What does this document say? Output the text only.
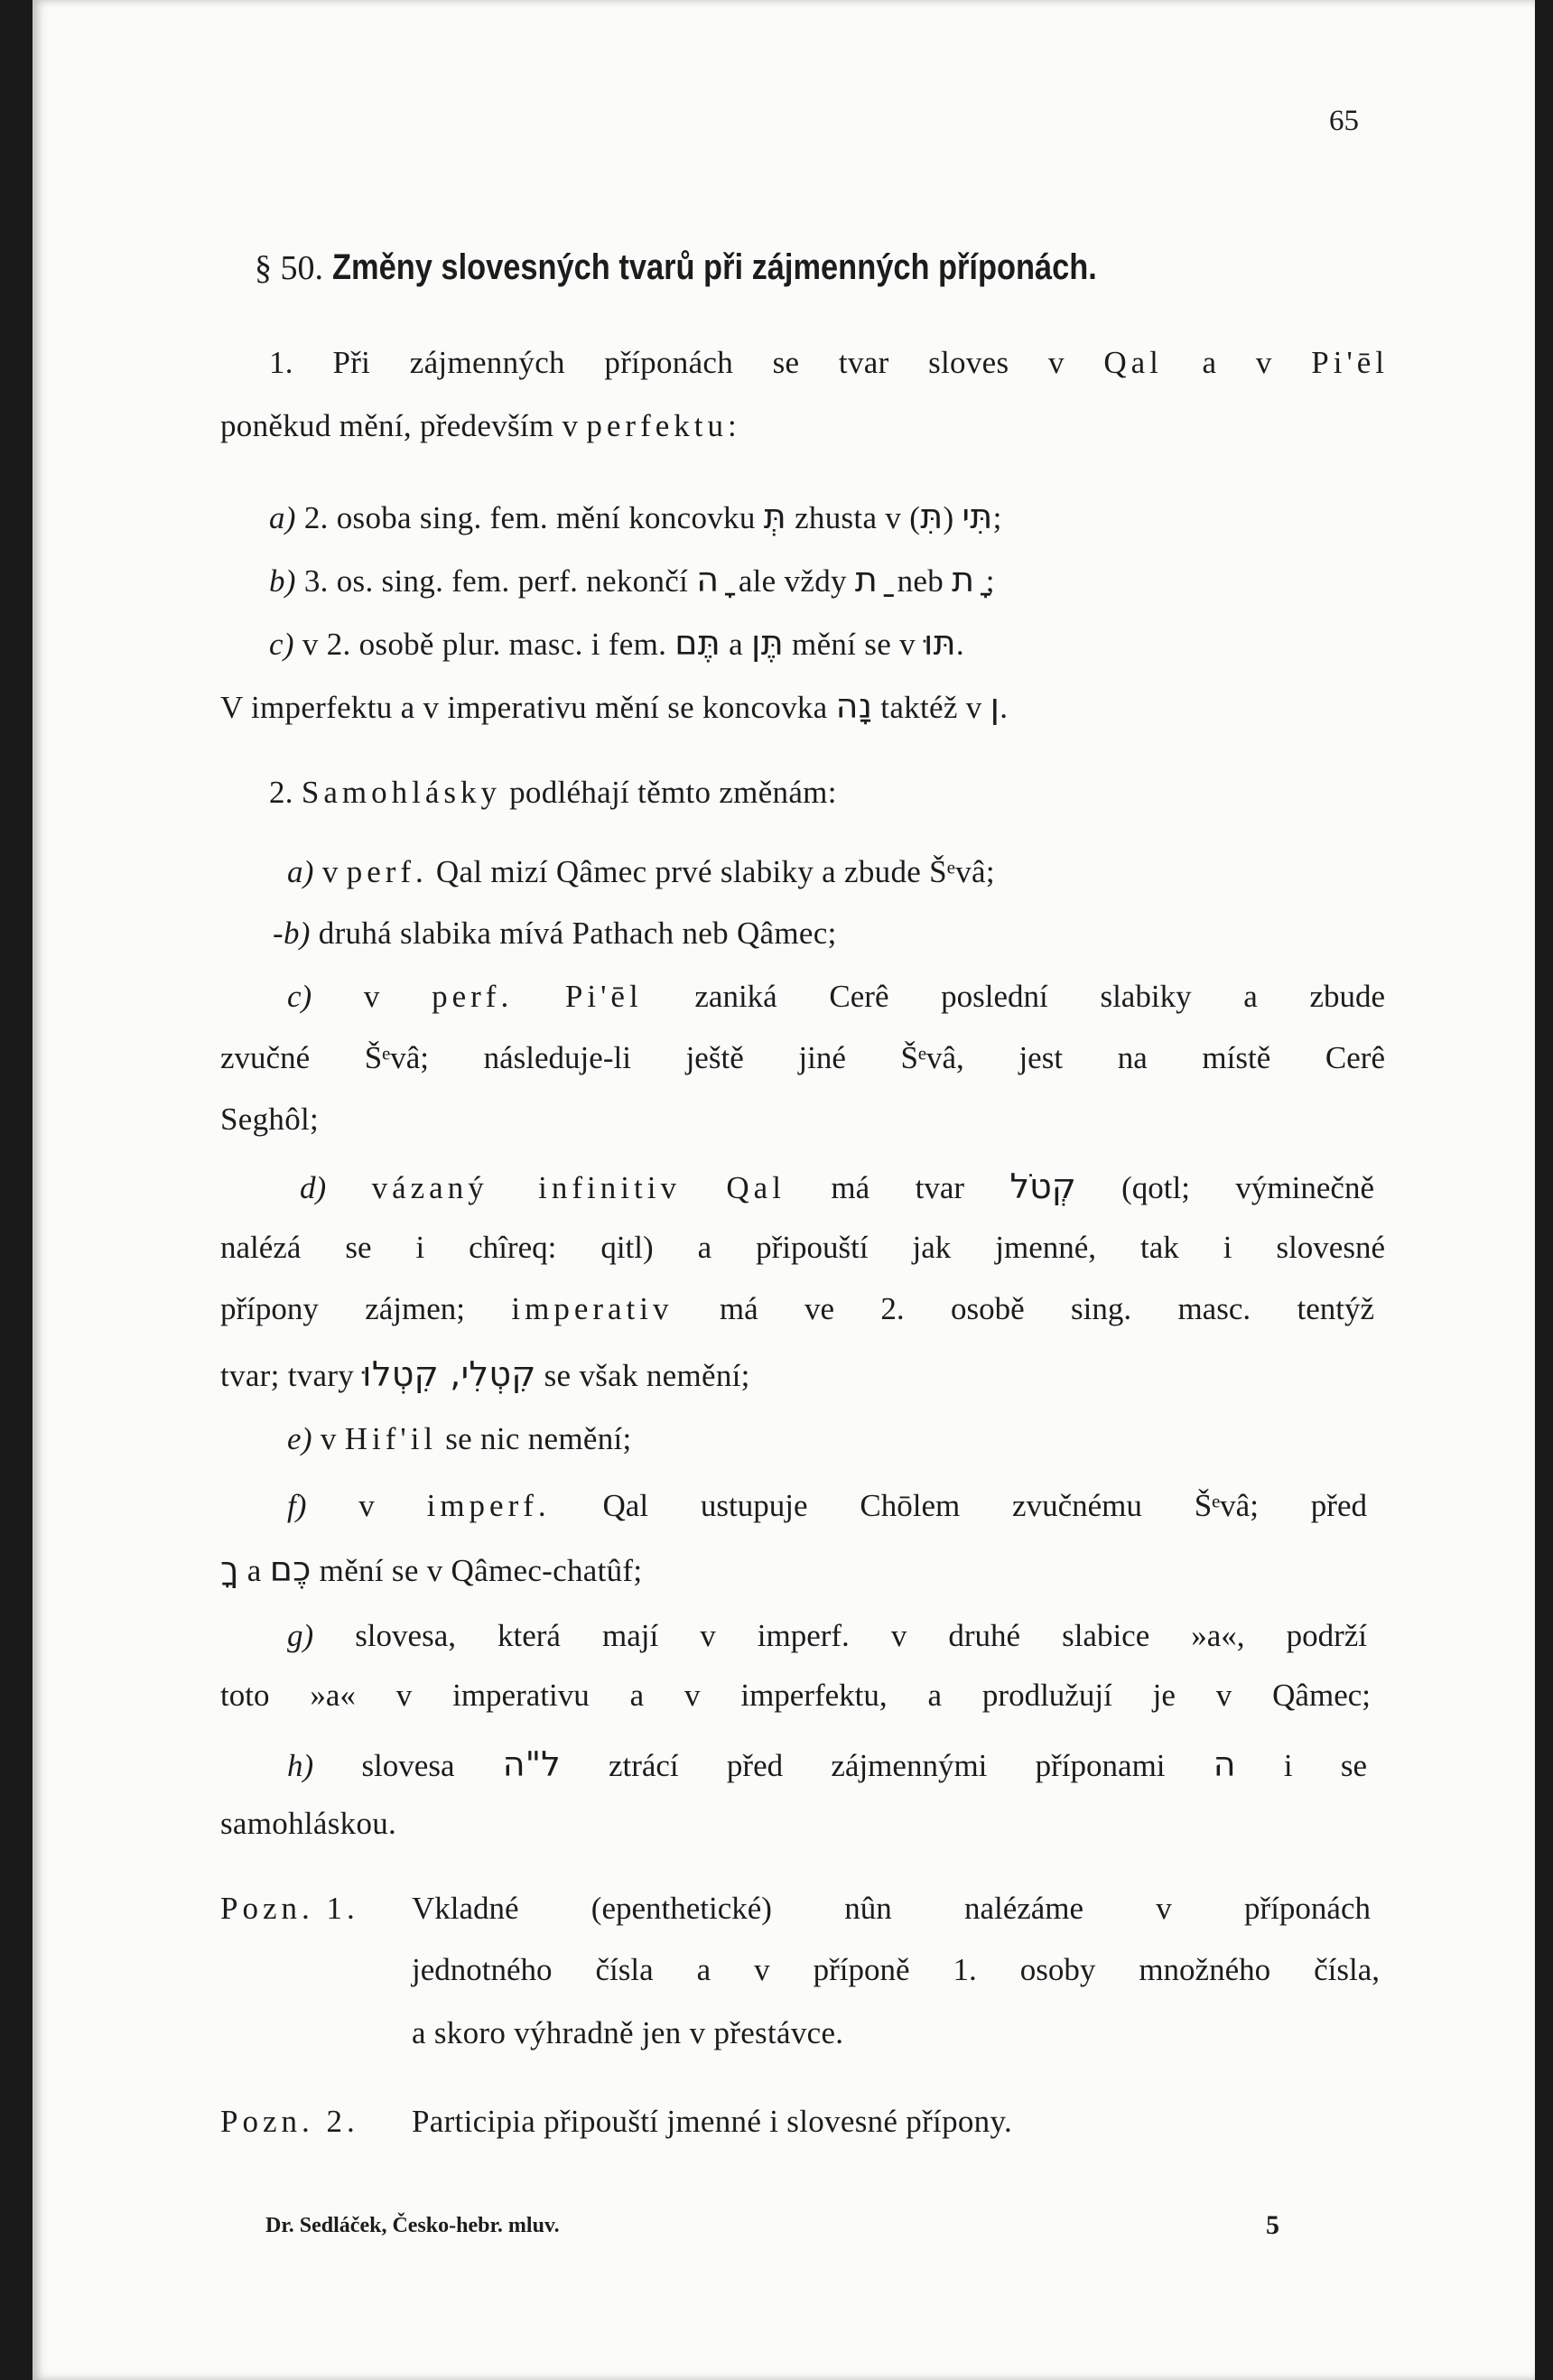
65
§ 50. Změny slovesných tvarů při zájmenných příponách.
1. Při zájmenných příponách se tvar sloves v Qal a v Pi'ēl
poněkud mění, především v perfektu:
a) 2. osoba sing. fem. mění koncovku תְּ zhusta v תִּי (תִּ);
b) 3. os. sing. fem. perf. nekončí ה ָ ale vždy ת ַ neb ת ָ;
c) v 2. osobě plur. masc. i fem. תֶּם a תֶּן mění se v תּוּ.
V imperfektu a v imperativu mění se koncovka נָה taktéž v ן.
2. Samohlásky podléhají těmto změnám:
a) v perf. Qal mizí Qâmec prvé slabiky a zbude Šᵉvâ;
-b) druhá slabika mívá Pathach neb Qâmec;
c) v perf. Pi'ēl zaniká Cerê poslední slabiky a zbude
zvučné Šᵉvâ; následuje-li ještě jiné Šᵉvâ, jest na místě Cerê
Seghôl;
d) vázaný infinitiv Qal má tvar קְטֹל (qotl; výminečně
nalézá se i chîreq: qitl) a připouští jak jmenné, tak i slovesné
přípony zájmen; imperativ má ve 2. osobě sing. masc. tentýž
tvar; tvary קִטְלִי, קִטְלוּ se však nemění;
e) v Hif'il se nic nemění;
f) v imperf. Qal ustupuje Chōlem zvučnému Šᵉvâ; před
ךָ a כֶם mění se v Qâmec-chatûf;
g) slovesa, která mají v imperf. v druhé slabice »a«, podrží
toto »a« v imperativu a v imperfektu, a prodlužují je v Qâmec;
h) slovesa ל"ה ztrácí před zájmennými příponami ה i se
samohláskou.
Pozn. 1. Vkladné (epenthetické) nûn nalézáme v příponách
jednotného čísla a v příponě 1. osoby množného čísla,
a skoro výhradně jen v přestávce.
Pozn. 2. Participia připouští jmenné i slovesné přípony.
Dr. Sedláček, Česko-hebr. mluv.	5
